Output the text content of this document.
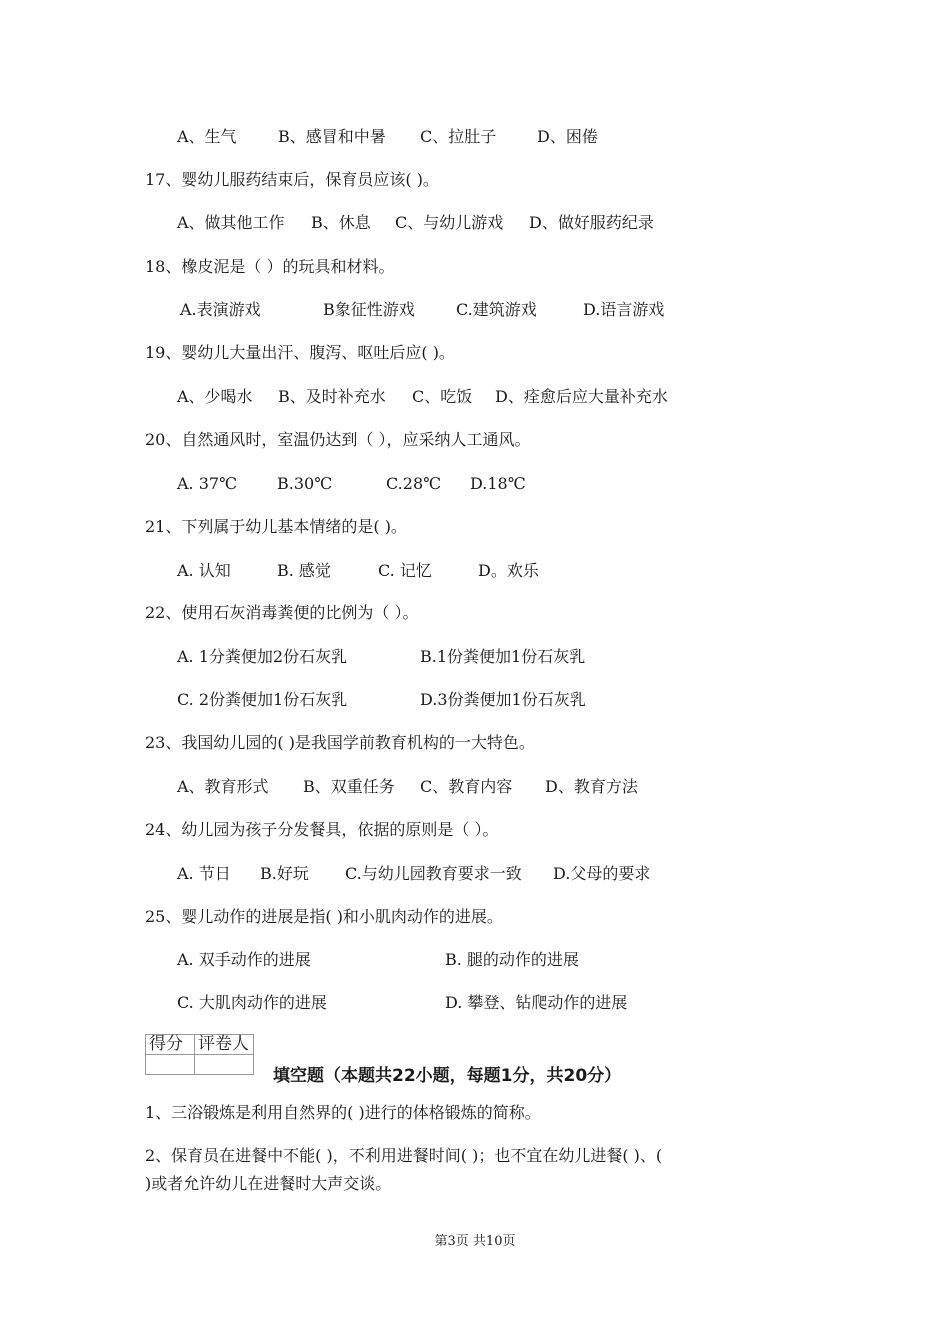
A、生气	B、感冒和中暑 C、拉肚子	D、困倦
17、婴幼儿服药结束后，保育员应该( )。
A、做其他工作 B、休息 C、与幼儿游戏 D、做好服药纪录
18、橡皮泥是（ ）的玩具和材料。
A.表演游戏	B象征性游戏	C.建筑游戏	D.语言游戏
19、婴幼儿大量出汗、腹泻、呕吐后应( )。
A、少喝水 B、及时补充水 C、吃饭 D、痊愈后应大量补充水
20、自然通风时，室温仍达到（ ），应采纳人工通风。
A. 37℃	B.30℃	C.28℃ D.18℃
21、下列属于幼儿基本情绪的是( )。
A. 认知	B. 感觉	C. 记忆	D。欢乐
22、使用石灰消毒粪便的比例为（ ）。
A. 1分粪便加2份石灰乳	B.1份粪便加1份石灰乳
C. 2份粪便加1份石灰乳	D.3份粪便加1份石灰乳
23、我国幼儿园的( )是我国学前教育机构的一大特色。
A、教育形式 B、双重任务 C、教育内容 D、教育方法
24、幼儿园为孩子分发餐具，依据的原则是（ ）。
A. 节日 B.好玩 C.与幼儿园教育要求一致 D.父母的要求
25、婴儿动作的进展是指( )和小肌肉动作的进展。
A. 双手动作的进展	B. 腿的动作的进展
C. 大肌肉动作的进展	D. 攀登、钻爬动作的进展
得分	评卷人

填空题（本题共22小题，每题1分，共20分）
1、三浴锻炼是利用自然界的( )进行的体格锻炼的简称。
2、保育员在进餐中不能( )，不利用进餐时间( )；也不宜在幼儿进餐( )、(
)或者允许幼儿在进餐时大声交谈。
第3页 共10页
